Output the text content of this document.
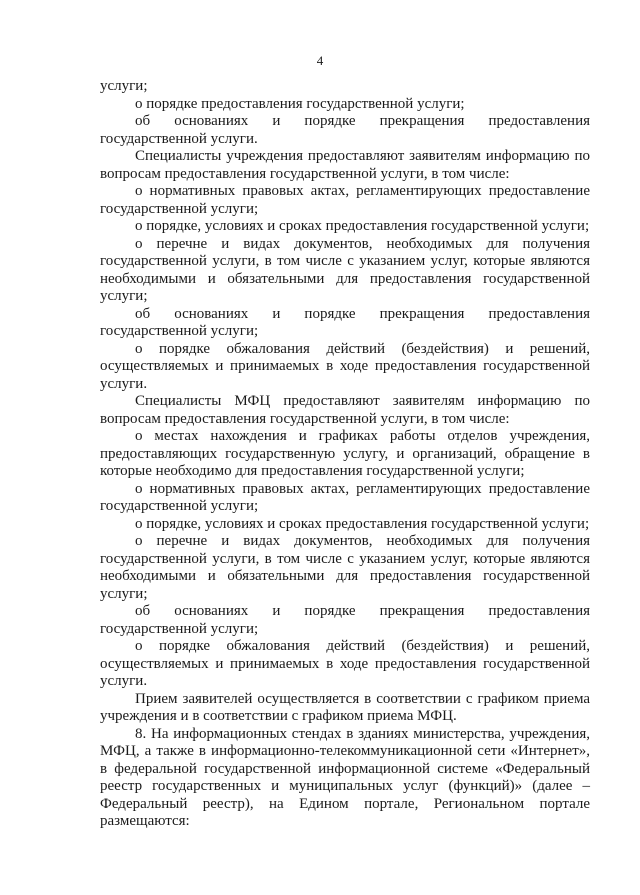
4

услуги;

о порядке предоставления государственной услуги;

об основаниях и порядке прекращения предоставления государственной услуги.

Специалисты учреждения предоставляют заявителям информацию по вопросам предоставления государственной услуги, в том числе:

о нормативных правовых актах, регламентирующих предоставление государственной услуги;

о порядке, условиях и сроках предоставления государственной услуги;

о перечне и видах документов, необходимых для получения государственной услуги, в том числе с указанием услуг, которые являются необходимыми и обязательными для предоставления государственной услуги;

об основаниях и порядке прекращения предоставления государственной услуги;

о порядке обжалования действий (бездействия) и решений, осуществляемых и принимаемых в ходе предоставления государственной услуги.

Специалисты МФЦ предоставляют заявителям информацию по вопросам предоставления государственной услуги, в том числе:

о местах нахождения и графиках работы отделов учреждения, предоставляющих государственную услугу, и организаций, обращение в которые необходимо для предоставления государственной услуги;

о нормативных правовых актах, регламентирующих предоставление государственной услуги;

о порядке, условиях и сроках предоставления государственной услуги;

о перечне и видах документов, необходимых для получения государственной услуги, в том числе с указанием услуг, которые являются необходимыми и обязательными для предоставления государственной услуги;

об основаниях и порядке прекращения предоставления государственной услуги;

о порядке обжалования действий (бездействия) и решений, осуществляемых и принимаемых в ходе предоставления государственной услуги.

Прием заявителей осуществляется в соответствии с графиком приема учреждения и в соответствии с графиком приема МФЦ.

8. На информационных стендах в зданиях министерства, учреждения, МФЦ, а также в информационно-телекоммуникационной сети «Интернет», в федеральной государственной информационной системе «Федеральный реестр государственных и муниципальных услуг (функций)» (далее – Федеральный реестр), на Едином портале, Региональном портале размещаются:
